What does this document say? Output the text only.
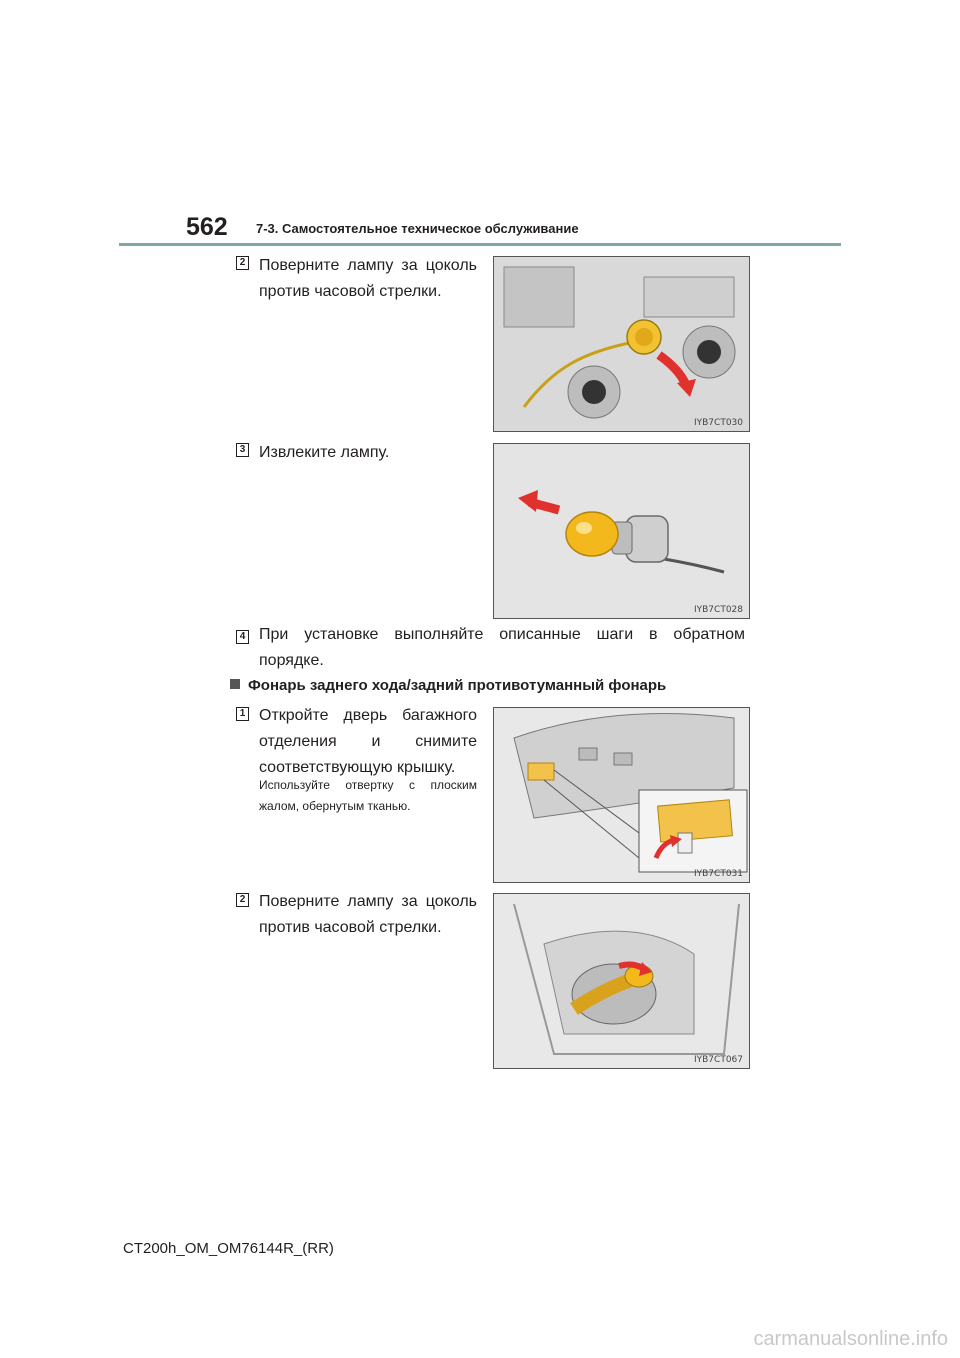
562 7-3. Самостоятельное техническое обслуживание
2 Поверните лампу за цоколь против часовой стрелки.
IYB7CT030
3 Извлеките лампу.
IYB7CT028
4 При установке выполняйте описанные шаги в обратном порядке.
Фонарь заднего хода/задний противотуманный фонарь
1 Откройте дверь багажного отделения и снимите соответствующую крышку.
Используйте отвертку с плоским жалом, обернутым тканью.
IYB7CT031
2 Поверните лампу за цоколь против часовой стрелки.
IYB7CT067
CT200h_OM_OM76144R_(RR)
carmanualsonline.info
